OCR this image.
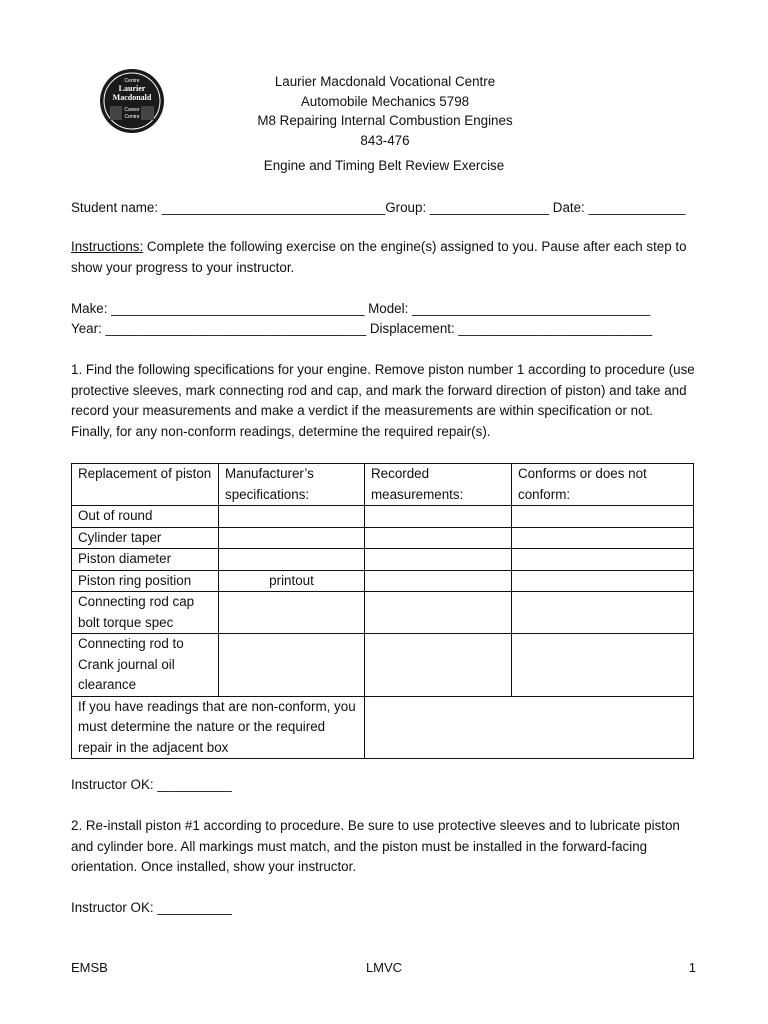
Centre
Laurier
Macdonald
Career
Centre
Laurier Macdonald Vocational Centre
Automobile Mechanics 5798
M8 Repairing Internal Combustion Engines 843-476
Engine and Timing Belt Review Exercise
Student name: ______________________________Group: ________________ Date: _____________
Instructions: Complete the following exercise on the engine(s) assigned to you. Pause after each step to show your progress to your instructor.
Make: __________________________________ Model: ________________________________
Year: ___________________________________ Displacement: __________________________
1. Find the following specifications for your engine. Remove piston number 1 according to procedure (use protective sleeves, mark connecting rod and cap, and mark the forward direction of piston) and take and record your measurements and make a verdict if the measurements are within specification or not. Finally, for any non-conform readings, determine the required repair(s).
Replacement of piston	Manufacturer’s specifications:	Recorded measurements:	Conforms or does not conform:
Out of round			
Cylinder taper			
Piston diameter			
Piston ring position	printout		
Connecting rod cap bolt torque spec			
Connecting rod to Crank journal oil clearance			
If you have readings that are non-conform, you must determine the nature or the required repair in the adjacent box			
Instructor OK: __________
2. Re-install piston #1 according to procedure. Be sure to use protective sleeves and to lubricate piston and cylinder bore. All markings must match, and the piston must be installed in the forward-facing orientation. Once installed, show your instructor.
Instructor OK: __________
EMSB	LMVC	1
